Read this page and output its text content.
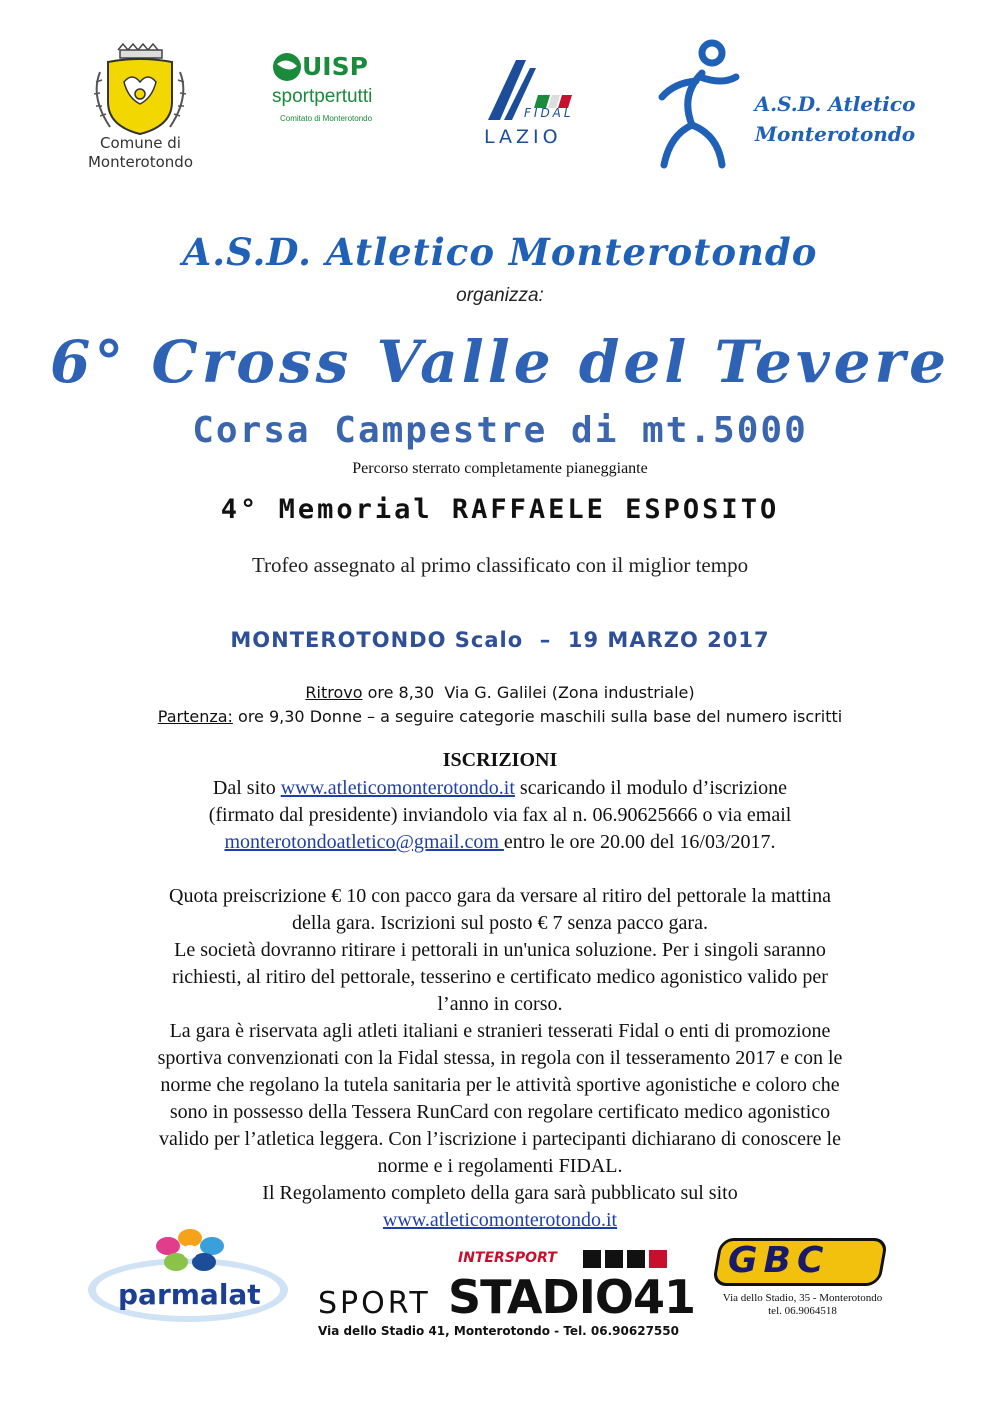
Comune di
Monterotondo
UISP
sportpertutti
Comitato di Monterotondo	FIDAL
LAZIO
A.S.D. Atletico
Monterotondo
A.S.D. Atletico Monterotondo
organizza:
6° Cross Valle del Tevere
Corsa Campestre di mt.5000
Percorso sterrato completamente pianeggiante
4° Memorial RAFFAELE ESPOSITO
Trofeo assegnato al primo classificato con il miglior tempo
MONTEROTONDO Scalo  –  19 MARZO 2017
Ritrovo ore 8,30  Via G. Galilei (Zona industriale)
Partenza: ore 9,30 Donne – a seguire categorie maschili sulla base del numero iscritti
ISCRIZIONI
Dal sito www.atleticomonterotondo.it scaricando il modulo d’iscrizione
(firmato dal presidente) inviandolo via fax al n. 06.90625666 o via email
monterotondoatletico@gmail.com entro le ore 20.00 del 16/03/2017.
Quota preiscrizione € 10 con pacco gara da versare al ritiro del pettorale la mattina
della gara. Iscrizioni sul posto € 7 senza pacco gara.
Le società dovranno ritirare i pettorali in un'unica soluzione. Per i singoli saranno
richiesti, al ritiro del pettorale, tesserino e certificato medico agonistico valido per
l’anno in corso.
La gara è riservata agli atleti italiani e stranieri tesserati Fidal o enti di promozione
sportiva convenzionati con la Fidal stessa, in regola con il tesseramento 2017 e con le
norme che regolano la tutela sanitaria per le attività sportive agonistiche e coloro che
sono in possesso della Tessera RunCard con regolare certificato medico agonistico
valido per l’atletica leggera. Con l’iscrizione i partecipanti dichiarano di conoscere le
norme e i regolamenti FIDAL.
Il Regolamento completo della gara sarà pubblicato sul sito
www.atleticomonterotondo.it
parmalat
INTERSPORT
SPORT STADIO41
Via dello Stadio 41, Monterotondo - Tel. 06.90627550
GBC
Via dello Stadio, 35 - Monterotondo
tel. 06.9064518
